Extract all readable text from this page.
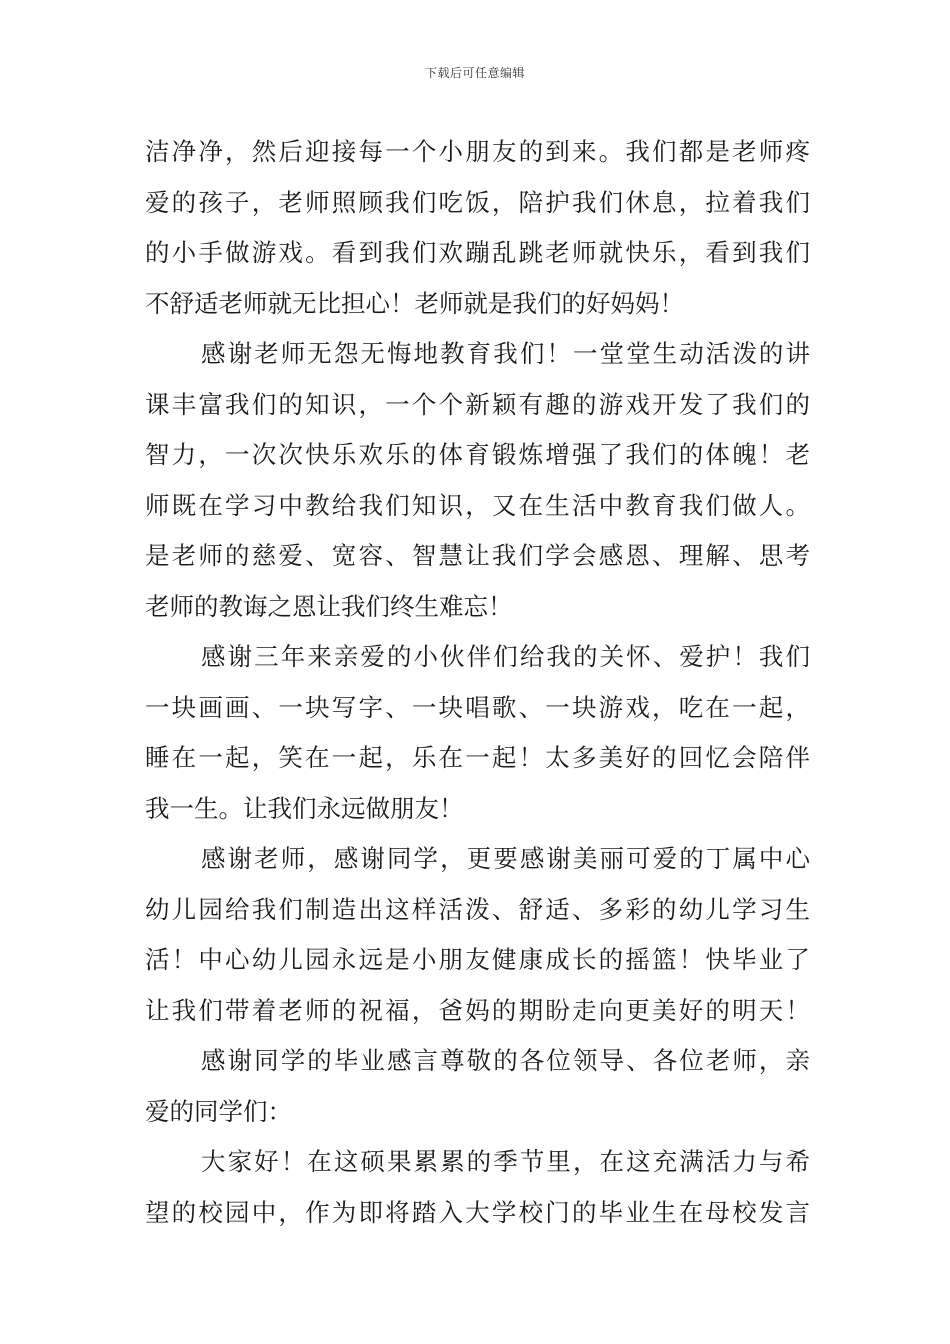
下载后可任意编辑
洁净净，然后迎接每一个小朋友的到来。我们都是老师疼
爱的孩子，老师照顾我们吃饭，陪护我们休息，拉着我们
的小手做游戏。看到我们欢蹦乱跳老师就快乐，看到我们
不舒适老师就无比担心！老师就是我们的好妈妈！
感谢老师无怨无悔地教育我们！一堂堂生动活泼的讲
课丰富我们的知识，一个个新颖有趣的游戏开发了我们的
智力，一次次快乐欢乐的体育锻炼增强了我们的体魄！老
师既在学习中教给我们知识，又在生活中教育我们做人。
是老师的慈爱、宽容、智慧让我们学会感恩、理解、思考
老师的教诲之恩让我们终生难忘！
感谢三年来亲爱的小伙伴们给我的关怀、爱护！我们
一块画画、一块写字、一块唱歌、一块游戏，吃在一起，
睡在一起，笑在一起，乐在一起！太多美好的回忆会陪伴
我一生。让我们永远做朋友！
感谢老师，感谢同学，更要感谢美丽可爱的丁属中心
幼儿园给我们制造出这样活泼、舒适、多彩的幼儿学习生
活！中心幼儿园永远是小朋友健康成长的摇篮！快毕业了
让我们带着老师的祝福，爸妈的期盼走向更美好的明天！
感谢同学的毕业感言尊敬的各位领导、各位老师，亲
爱的同学们：
大家好！在这硕果累累的季节里，在这充满活力与希
望的校园中，作为即将踏入大学校门的毕业生在母校发言
